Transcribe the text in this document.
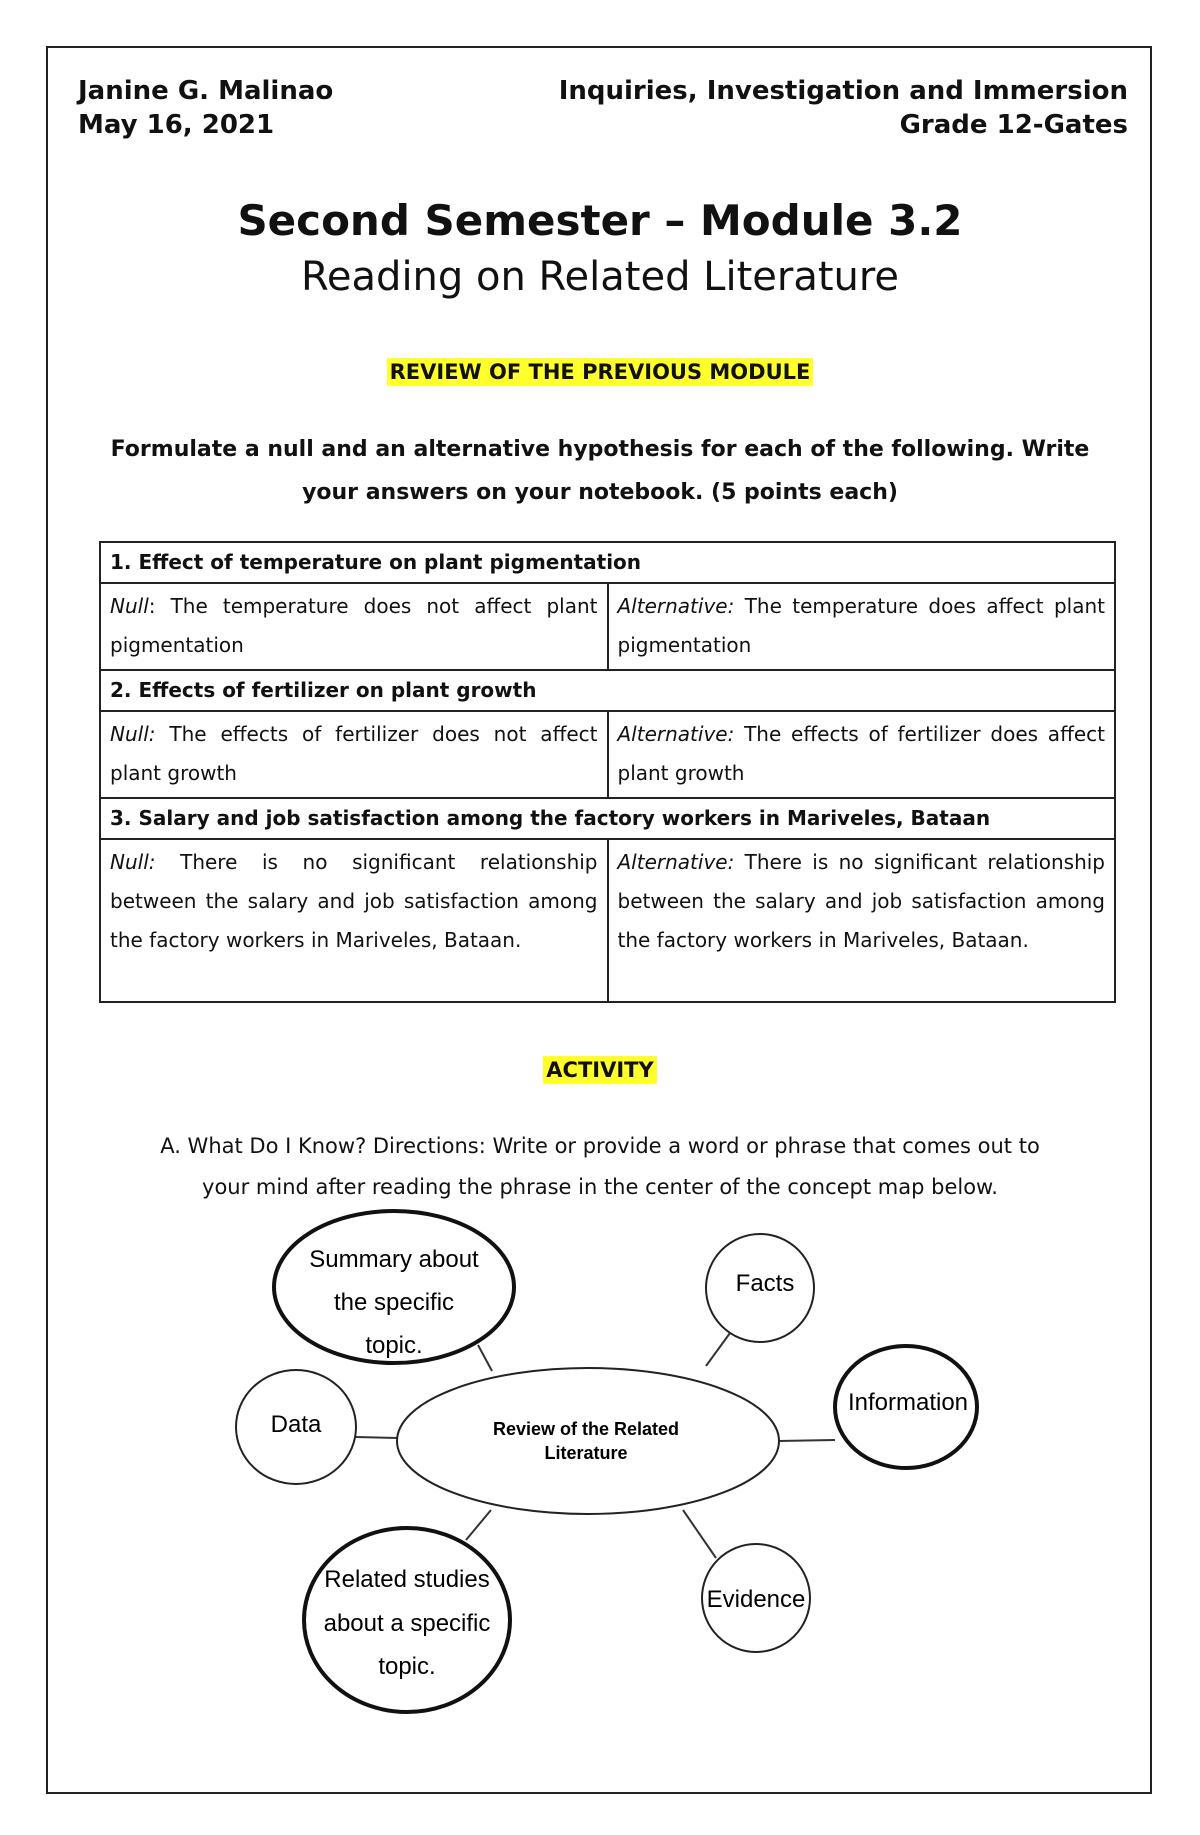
Janine G. Malinao
May 16, 2021
Inquiries, Investigation and Immersion
Grade 12-Gates
Second Semester – Module 3.2
Reading on Related Literature
REVIEW OF THE PREVIOUS MODULE
Formulate a null and an alternative hypothesis for each of the following. Write
your answers on your notebook. (5 points each)
1. Effect of temperature on plant pigmentation	
Null: The temperature does not affect plant pigmentation	Alternative: The temperature does affect plant pigmentation
2. Effects of fertilizer on plant growth	
Null: The effects of fertilizer does not affect plant growth	Alternative: The effects of fertilizer does affect plant growth
3. Salary and job satisfaction among the factory workers in Mariveles, Bataan	
Null: There is no significant relationship between the salary and job satisfaction among the factory workers in Mariveles, Bataan.	Alternative: There is no significant relationship between the salary and job satisfaction among the factory workers in Mariveles, Bataan.
ACTIVITY
A. What Do I Know? Directions: Write or provide a word or phrase that comes out to
your mind after reading the phrase in the center of the concept map below.
Review of the Related
Literature
Summary about
the specific
topic.
Facts
Information
Data
Related studies
about a specific
topic.
Evidence
